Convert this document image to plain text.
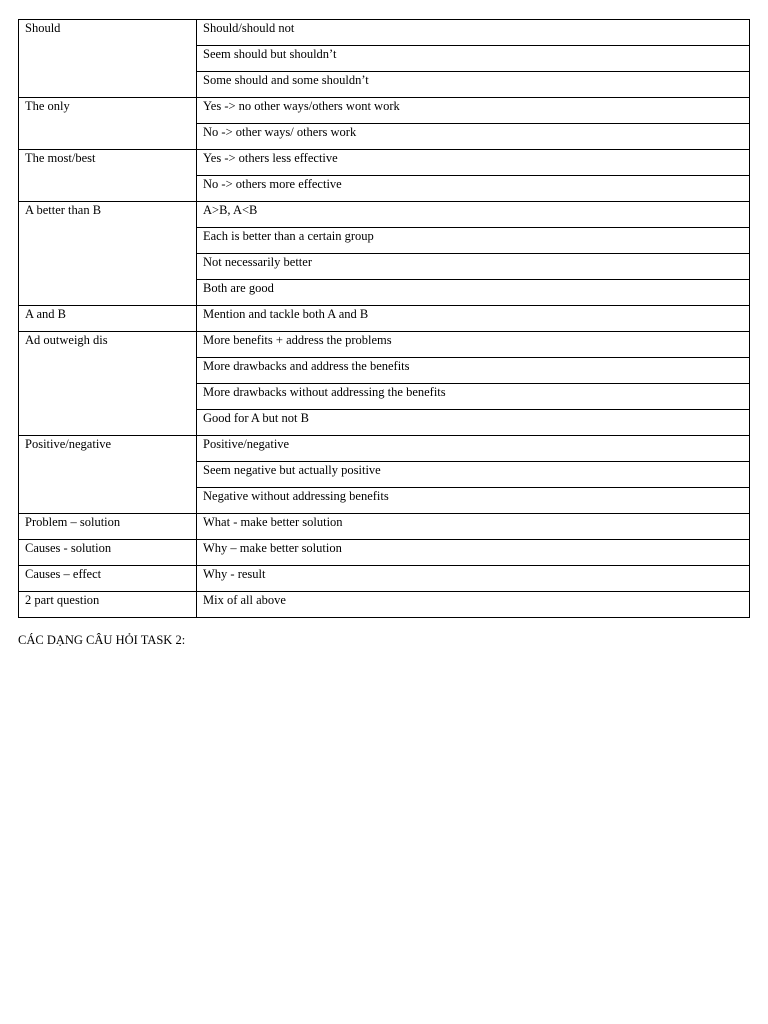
Should	Should/should not

	Seem should but shouldn’t

	Some should and some shouldn’t

The only	Yes -> no other ways/others wont work

	No -> other ways/ others work

The most/best	Yes -> others less effective

	No -> others more effective

A better than B	A>B, A<B

	Each is better than a certain group

	Not necessarily better

	Both are good

A and B	Mention and tackle both A and B

Ad outweigh dis	More benefits + address the problems

	More drawbacks and address the benefits

	More drawbacks without addressing the benefits

	Good for A but not B

Positive/negative	Positive/negative

	Seem negative but actually positive

	Negative without addressing benefits

Problem – solution	What - make better solution

Causes - solution	Why – make better solution

Causes – effect	Why - result

2 part question	Mix of all above
CÁC DẠNG CÂU HỎI TASK 2:
